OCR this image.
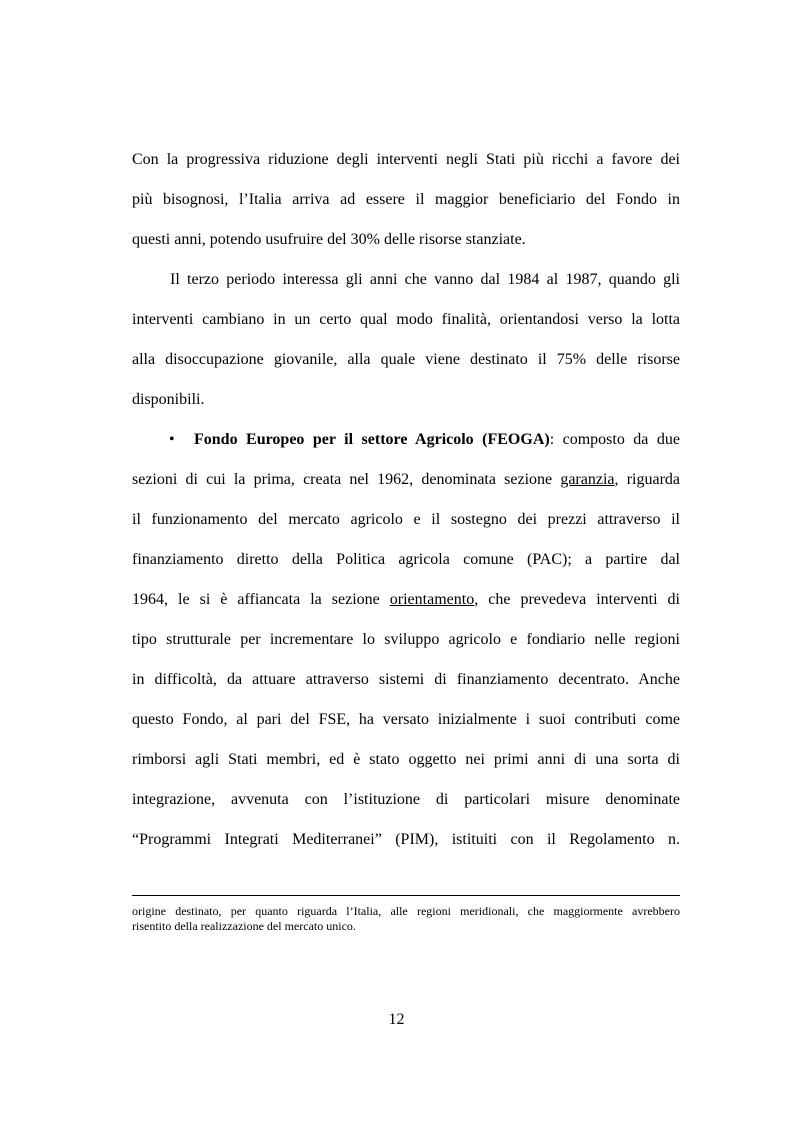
Con la progressiva riduzione degli interventi negli Stati più ricchi a favore dei
più bisognosi, l’Italia arriva ad essere il maggior beneficiario del Fondo in
questi anni, potendo usufruire del 30% delle risorse stanziate.
Il terzo periodo interessa gli anni che vanno dal 1984 al 1987, quando gli
interventi cambiano in un certo qual modo finalità, orientandosi verso la lotta
alla disoccupazione giovanile, alla quale viene destinato il 75% delle risorse
disponibili.
•	Fondo Europeo per il settore Agricolo (FEOGA): composto da due
sezioni di cui la prima, creata nel 1962, denominata sezione garanzia, riguarda
il funzionamento del mercato agricolo e il sostegno dei prezzi attraverso il
finanziamento diretto della Politica agricola comune (PAC); a partire dal
1964, le si è affiancata la sezione orientamento, che prevedeva interventi di
tipo strutturale per incrementare lo sviluppo agricolo e fondiario nelle regioni
in difficoltà, da attuare attraverso sistemi di finanziamento decentrato. Anche
questo Fondo, al pari del FSE, ha versato inizialmente i suoi contributi come
rimborsi agli Stati membri, ed è stato oggetto nei primi anni di una sorta di
integrazione, avvenuta con l’istituzione di particolari misure denominate
“Programmi Integrati Mediterranei” (PIM), istituiti con il Regolamento n.
origine destinato, per quanto riguarda l’Italia, alle regioni meridionali, che maggiormente avrebbero
risentito della realizzazione del mercato unico.
12
